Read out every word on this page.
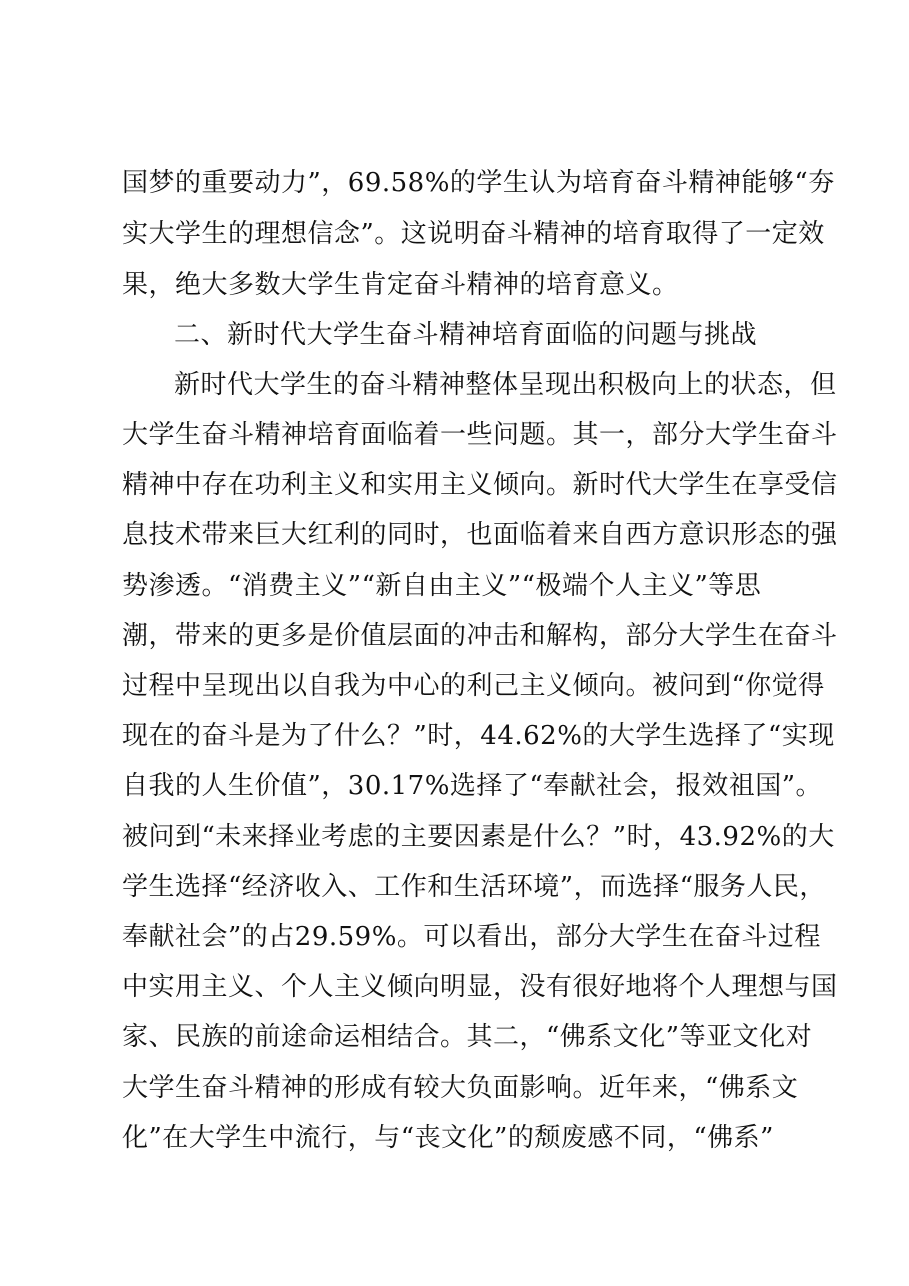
国梦的重要动力”，69.58%的学生认为培育奋斗精神能够“夯
实大学生的理想信念”。这说明奋斗精神的培育取得了一定效
果，绝大多数大学生肯定奋斗精神的培育意义。
二、新时代大学生奋斗精神培育面临的问题与挑战
新时代大学生的奋斗精神整体呈现出积极向上的状态，但
大学生奋斗精神培育面临着一些问题。其一，部分大学生奋斗
精神中存在功利主义和实用主义倾向。新时代大学生在享受信
息技术带来巨大红利的同时，也面临着来自西方意识形态的强
势渗透。“消费主义”“新自由主义”“极端个人主义”等思
潮，带来的更多是价值层面的冲击和解构，部分大学生在奋斗
过程中呈现出以自我为中心的利己主义倾向。被问到“你觉得
现在的奋斗是为了什么？”时，44.62%的大学生选择了“实现
自我的人生价值”，30.17%选择了“奉献社会，报效祖国”。
被问到“未来择业考虑的主要因素是什么？”时，43.92%的大
学生选择“经济收入、工作和生活环境”，而选择“服务人民，
奉献社会”的占29.59%。可以看出，部分大学生在奋斗过程
中实用主义、个人主义倾向明显，没有很好地将个人理想与国
家、民族的前途命运相结合。其二，“佛系文化”等亚文化对
大学生奋斗精神的形成有较大负面影响。近年来，“佛系文
化”在大学生中流行，与“丧文化”的颓废感不同，“佛系”
